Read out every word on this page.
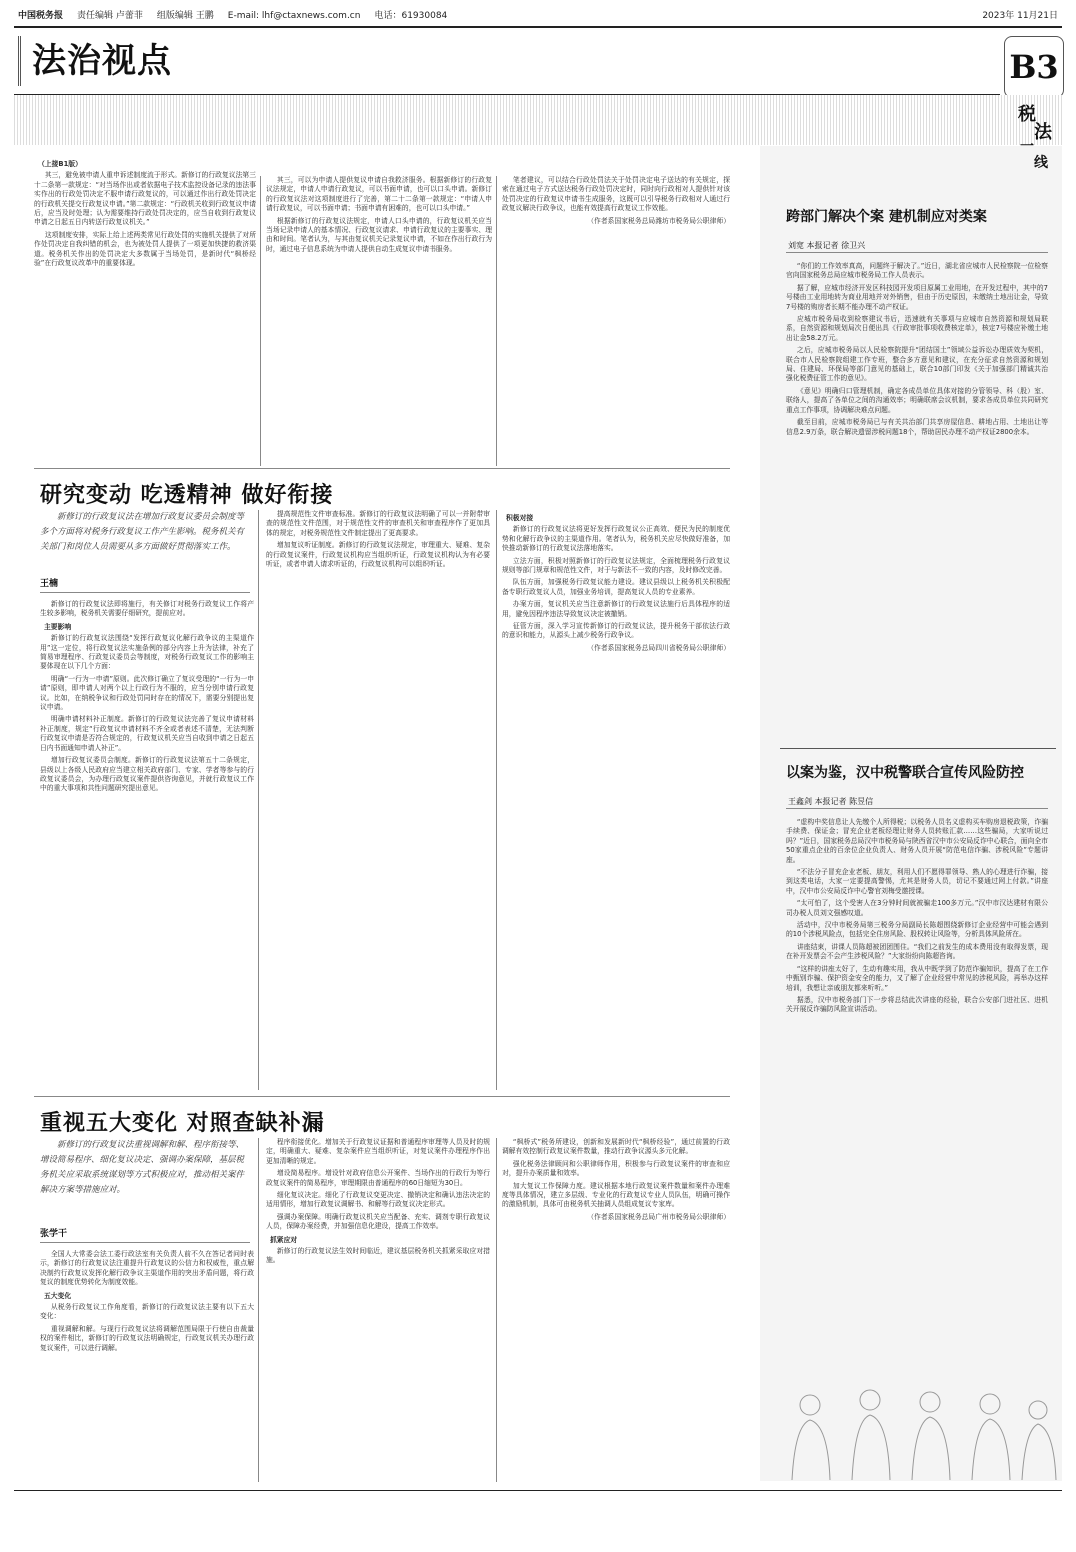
中国税务报 责任编辑 卢蕾菲 组版编辑 王鹏 E-mail: lhf@ctaxnews.com.cn 电话：61930084	2023年 11月21日
法治视点	B3

（上接B1版）

其三，避免被申请人重申诉述制度流于形式。新修订的行政复议法第三十二条第一款规定：“对当场作出或者依据电子技术监控设备记录的违法事实作出的行政处罚决定不服申请行政复议的，可以通过作出行政处罚决定的行政机关提交行政复议申请。”第二款规定：“行政机关收到行政复议申请后，应当及时处理；认为需要维持行政处罚决定的，应当自收到行政复议申请之日起五日内转送行政复议机关。”

这项制度安排，实际上给上述两类常见行政处罚的实施机关提供了对所作处罚决定自我纠错的机会，也为被处罚人提供了一项更加快捷的救济渠道。税务机关作出的处罚决定大多数属于当场处罚，是新时代“枫桥经验”在行政复议改革中的重要体现。

其三，可以为申请人提供复议申请自我救济服务。根据新修订的行政复议法规定，申请人申请行政复议，可以书面申请，也可以口头申请。新修订的行政复议法对这项制度进行了完善，第二十二条第一款规定：“申请人申请行政复议，可以书面申请；书面申请有困难的，也可以口头申请。”

根据新修订的行政复议法规定，申请人口头申请的，行政复议机关应当当场记录申请人的基本情况、行政复议请求、申请行政复议的主要事实、理由和时间。笔者认为，与其由复议机关记录复议申请，不如在作出行政行为时，通过电子信息系统为申请人提供自动生成复议申请书服务。

笔者建议，可以结合行政处罚法关于处罚决定电子送达的有关规定，探索在通过电子方式送达税务行政处罚决定时，同时向行政相对人提供针对该处罚决定的行政复议申请书生成服务，这既可以引导税务行政相对人通过行政复议解决行政争议，也能有效提高行政复议工作效能。

（作者系国家税务总局潍坊市税务局公职律师）

研究变动 吃透精神 做好衔接
新修订的行政复议法在增加行政复议委员会制度等多个方面将对税务行政复议工作产生影响。税务机关有关部门和岗位人员需要从多方面做好贯彻落实工作。
王楠

新修订的行政复议法即将施行，有关修订对税务行政复议工作将产生较多影响，税务机关需要仔细研究，提前应对。

主要影响

新修订的行政复议法围绕“发挥行政复议化解行政争议的主渠道作用”这一定位，将行政复议法实施条例的部分内容上升为法律，补充了简易审理程序、行政复议委员会等制度，对税务行政复议工作的影响主要体现在以下几个方面：

明确“一行为一申请”原则。此次修订确立了复议受理的“一行为一申请”原则，即申请人对两个以上行政行为不服的，应当分别申请行政复议。比如，在纳税争议和行政处罚同时存在的情况下，需要分别提出复议申请。

明确申请材料补正制度。新修订的行政复议法完善了复议申请材料补正制度，规定“行政复议申请材料不齐全或者表述不清楚，无法判断行政复议申请是否符合规定的，行政复议机关应当自收到申请之日起五日内书面通知申请人补正”。

增加行政复议委员会制度。新修订的行政复议法第五十二条规定，县级以上各级人民政府应当建立相关政府部门、专家、学者等参与的行政复议委员会，为办理行政复议案件提供咨询意见，并就行政复议工作中的重大事项和共性问题研究提出意见。

提高规范性文件审查标准。新修订的行政复议法明确了可以一并附带审查的规范性文件范围，对于规范性文件的审查机关和审查程序作了更加具体的规定，对税务规范性文件制定提出了更高要求。

增加复议听证制度。新修订的行政复议法规定，审理重大、疑难、复杂的行政复议案件，行政复议机构应当组织听证，行政复议机构认为有必要听证，或者申请人请求听证的，行政复议机构可以组织听证。

积极对接

新修订的行政复议法将更好发挥行政复议公正高效、便民为民的制度优势和化解行政争议的主渠道作用。笔者认为，税务机关应尽快做好准备，加快推动新修订的行政复议法落地落实。

立法方面，积极对照新修订的行政复议法规定，全面梳理税务行政复议规则等部门规章和规范性文件，对于与新法不一致的内容，及时修改完善。

队伍方面，加强税务行政复议能力建设。建议县级以上税务机关积极配备专职行政复议人员，加强业务培训，提高复议人员的专业素养。

办案方面，复议机关应当注意新修订的行政复议法施行后具体程序的适用，避免因程序违法导致复议决定被撤销。

征管方面，深入学习宣传新修订的行政复议法，提升税务干部依法行政的意识和能力，从源头上减少税务行政争议。

（作者系国家税务总局四川省税务局公职律师）

重视五大变化 对照查缺补漏
新修订的行政复议法重视调解和解、程序衔接等、增设简易程序、细化复议决定、强调办案保障，基层税务机关应采取系统谋划等方式积极应对，推动相关案件解决方案等措施应对。
张学干

全国人大常委会法工委行政法室有关负责人前不久在答记者问时表示，新修订的行政复议法注重提升行政复议的公信力和权威性，重点解决制约行政复议发挥化解行政争议主渠道作用的突出矛盾问题，将行政复议的制度优势转化为制度效能。

五大变化

从税务行政复议工作角度看，新修订的行政复议法主要有以下五大变化：

重视调解和解。与现行行政复议法将调解范围局限于行使自由裁量权的案件相比，新修订的行政复议法明确规定，行政复议机关办理行政复议案件，可以进行调解。

程序衔接优化。增加关于行政复议证据和普通程序审理等人员及时的规定，明确重大、疑难、复杂案件应当组织听证，对复议案件办理程序作出更加清晰的规定。

增设简易程序。增设针对政府信息公开案件、当场作出的行政行为等行政复议案件的简易程序，审理期限由普通程序的60日缩短为30日。

细化复议决定。细化了行政复议变更决定、撤销决定和确认违法决定的适用情形，增加行政复议调解书、和解等行政复议决定形式。

强调办案保障。明确行政复议机关应当配备、充实、调剂专职行政复议人员，保障办案经费，并加强信息化建设，提高工作效率。

抓紧应对

新修订的行政复议法生效时间临近，建议基层税务机关抓紧采取应对措施。

“枫桥式”税务所建设，创新和发展新时代“枫桥经验”，通过前置的行政调解有效控制行政复议案件数量，推动行政争议源头多元化解。

强化税务法律顾问和公职律师作用，积极参与行政复议案件的审查和应对，提升办案质量和效率。

加大复议工作保障力度。建议根据本地行政复议案件数量和案件办理难度等具体情况，建立多层级、专业化的行政复议专业人员队伍，明确可操作的激励机制，具体可由税务机关抽调人员组成复议专家库。

（作者系国家税务总局广州市税务局公职律师）

税
法
一
线
跨部门解决个案 建机制应对类案
刘宽 本报记者 徐卫兴

“你们的工作效率真高，问题终于解决了。”近日，湖北省应城市人民检察院一位检察官向国家税务总局应城市税务局工作人员表示。

据了解，应城市经济开发区科技园开发项目原属工业用地，在开发过程中，其中的7号楼由工业用地转为商业用地并对外销售，但由于历史原因，未缴纳土地出让金，导致7号楼的购房者长期不能办理不动产权证。

应城市税务局收到检察建议书后，迅速就有关事项与应城市自然资源和规划局联系，自然资源和规划局次日便出具《行政审批事项收费核定单》，核定7号楼应补缴土地出让金58.2万元。

之后，应城市税务局以人民检察院提升“团结国土”领域公益诉讼办理质效为契机，联合市人民检察院组建工作专班，整合多方意见和建议，在充分征求自然资源和规划局、住建局、环保局等部门意见的基础上，联合10部门印发《关于加强部门精诚共治 强化税费征管工作的意见》。

《意见》明确归口管理机制，确定各成员单位具体对接的分管领导、科（股）室、联络人，提高了各单位之间的沟通效率；明确联席会议机制，要求各成员单位共同研究重点工作事项，协调解决难点问题。

截至目前，应城市税务局已与有关共治部门共享房屋信息、耕地占用、土地出让等信息2.9万条，联合解决遗留涉税问题18个，帮助居民办理不动产权证2800余本。

以案为鉴，汉中税警联合宣传风险防控
王鑫剑 本报记者 陈昱信

“虚构中奖信息让人先缴个人所得税；以税务人员名义虚构买车购房退税政策，诈骗手续费、保证金；冒充企业老板经理让财务人员转账汇款……这些骗局，大家听说过吗？”近日，国家税务总局汉中市税务局与陕西省汉中市公安局反诈中心联合，面向全市50家重点企业的百余位企业负责人、财务人员开展“防范电信诈骗、涉税风险”专题讲座。

“不法分子冒充企业老板、朋友，利用人们不愿得罪领导、熟人的心理进行诈骗，接到这类电话，大家一定要提高警惕，尤其是财务人员，切记不要通过网上付款。”讲座中，汉中市公安局反诈中心警官刘梅受邀授课。

“太可怕了，这个受害人在3分钟时间就被骗走100多万元。”汉中市汉达建材有限公司办税人员刘文强感叹道。

活动中，汉中市税务局第三税务分局副局长陈超围绕新修订企业经营中可能会遇到的10个涉税风险点，包括完全住房风险、股权转让风险等，分析具体风险所在。

讲座结束，讲课人员陈超被团团围住。“我们之前发生的成本费用没有取得发票，现在补开发票会不会产生涉税风险？”大家纷纷向陈超咨询。

“这样的讲座太好了，生动有趣实用，我从中既学到了防范诈骗知识，提高了在工作中甄别诈骗、保护资金安全的能力，又了解了企业经营中常见的涉税风险，再举办这样培训，我想让亲戚朋友都来听听。”

据悉，汉中市税务部门下一步将总结此次讲座的经验，联合公安部门进社区、进机关开展反诈骗防风险宣讲活动。
